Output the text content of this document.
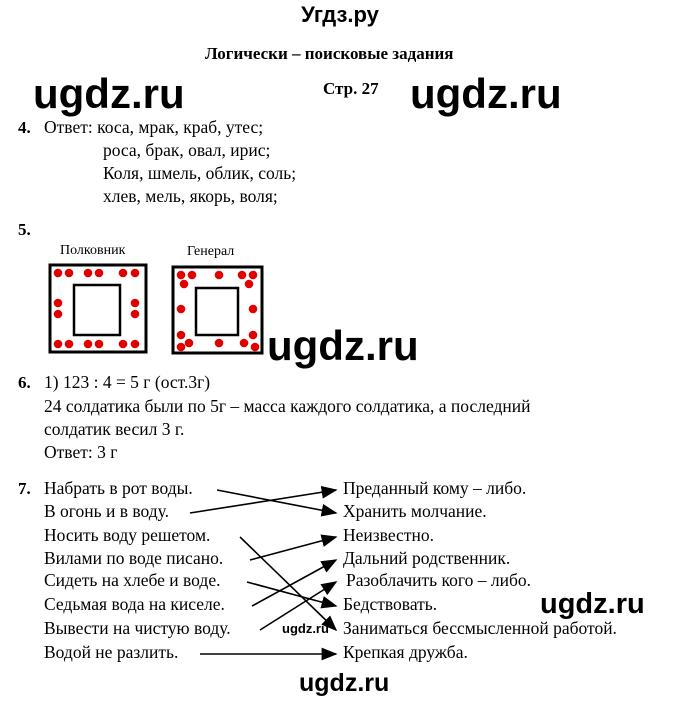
Угдз.ру
Логически – поисковые задания
Стр. 27
ugdz.ru	ugdz.ru
ugdz.ru
ugdz.ru
ugdz.ru
ugdz.ru
4. Ответ: коса, мрак, краб, утес;
роса, брак, овал, ирис;
Коля, шмель, облик, соль;
хлев, мель, якорь, воля;
5.
Полковник	Генерал
6. 1) 123 : 4 = 5 г (ост.3г)
24 солдатика были по 5г – масса каждого солдатика, а последний
солдатик весил 3 г.
Ответ: 3 г
7. Набрать в рот воды.
В огонь и в воду.
Носить воду решетом.
Вилами по воде писано.
Сидеть на хлебе и воде.
Седьмая вода на киселе.
Вывести на чистую воду.
Водой не разлить.
Преданный кому – либо.
Хранить молчание.
Неизвестно.
Дальний родственник.
Разоблачить кого – либо.
Бедствовать.
Заниматься бессмысленной работой.
Крепкая дружба.
